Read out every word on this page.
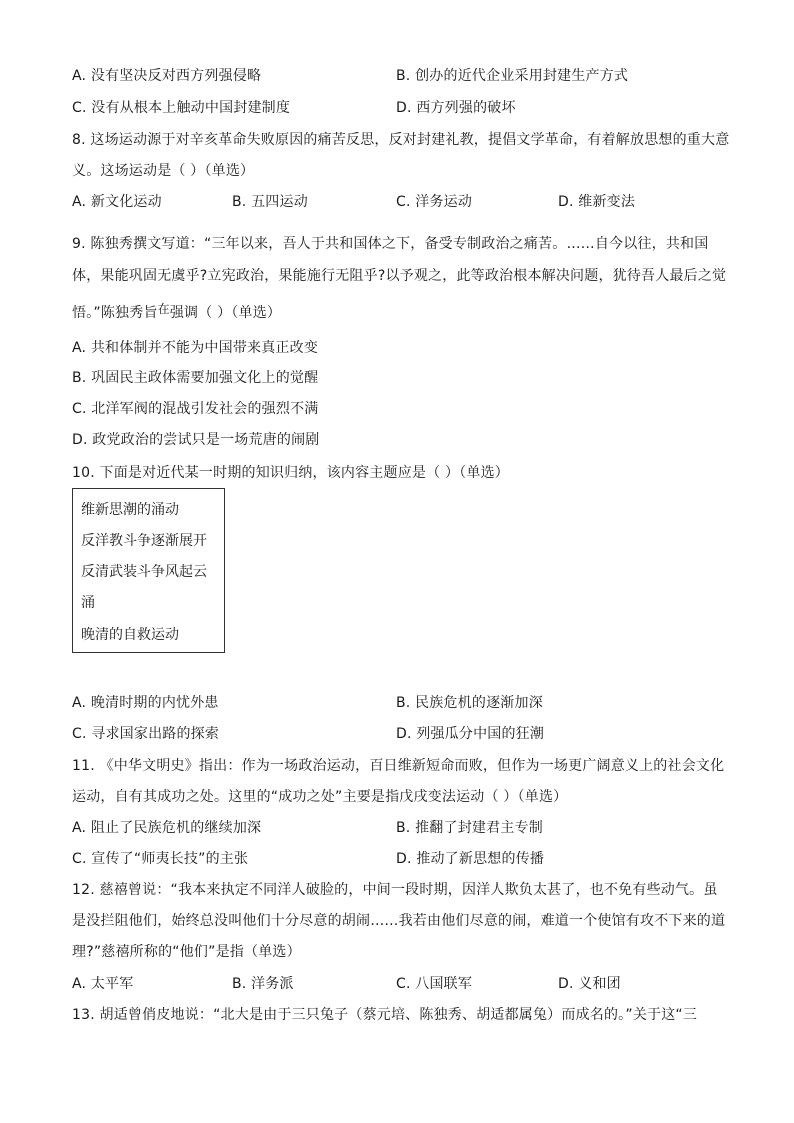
A. 没有坚决反对西方列强侵略	B. 创办的近代企业采用封建生产方式
C. 没有从根本上触动中国封建制度	D. 西方列强的破坏
8. 这场运动源于对辛亥革命失败原因的痛苦反思，反对封建礼教，提倡文学革命，有着解放思想的重大意
义。这场运动是（ ）（单选）
A. 新文化运动	B. 五四运动	C. 洋务运动	D. 维新变法
9. 陈独秀撰文写道：“三年以来，吾人于共和国体之下，备受专制政治之痛苦。……自今以往，共和国
体，果能巩固无虞乎?立宪政治，果能施行无阻乎?以予观之，此等政治根本解决问题，犹待吾人最后之觉
悟。”陈独秀旨在强调（ ）（单选）
A. 共和体制并不能为中国带来真正改变
B. 巩固民主政体需要加强文化上的觉醒
C. 北洋军阀的混战引发社会的强烈不满
D. 政党政治的尝试只是一场荒唐的闹剧
10. 下面是对近代某一时期的知识归纳，该内容主题应是（ ）（单选）
维新思潮的涌动
反洋教斗争逐渐展开
反清武装斗争风起云
涌
晚清的自救运动
A. 晚清时期的内忧外患	B. 民族危机的逐渐加深
C. 寻求国家出路的探索	D. 列强瓜分中国的狂潮
11. 《中华文明史》指出：作为一场政治运动，百日维新短命而败，但作为一场更广阔意义上的社会文化
运动，自有其成功之处。这里的“成功之处”主要是指戊戌变法运动（ ）（单选）
A. 阻止了民族危机的继续加深	B. 推翻了封建君主专制
C. 宣传了“师夷长技”的主张	D. 推动了新思想的传播
12. 慈禧曾说：“我本来执定不同洋人破脸的，中间一段时期，因洋人欺负太甚了，也不免有些动气。虽
是没拦阻他们，始终总没叫他们十分尽意的胡闹……我若由他们尽意的闹，难道一个使馆有攻不下来的道
理?”慈禧所称的“他们”是指（单选）
A. 太平军	B. 洋务派	C. 八国联军	D. 义和团
13. 胡适曾俏皮地说：“北大是由于三只兔子（蔡元培、陈独秀、胡适都属兔）而成名的。”关于这“三
